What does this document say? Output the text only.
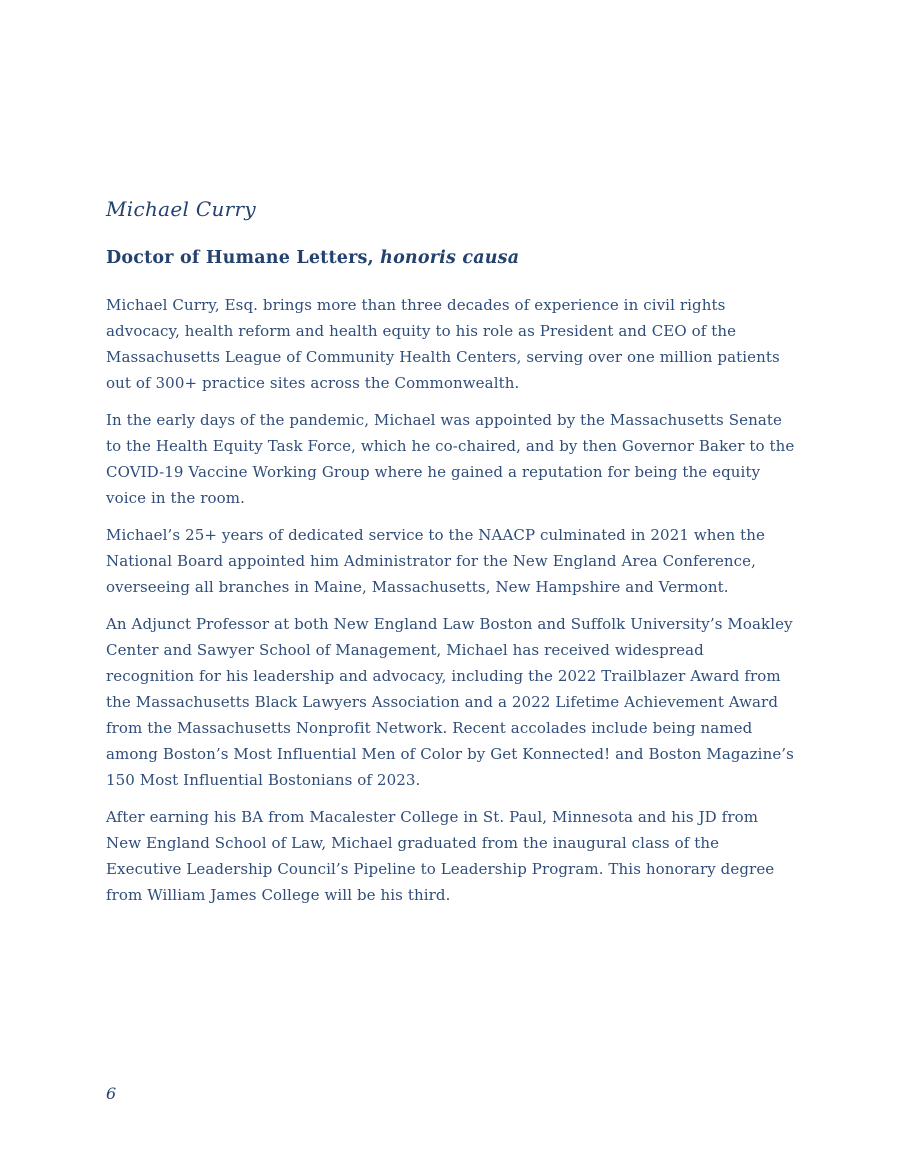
Michael Curry
Doctor of Humane Letters, honoris causa

Michael Curry, Esq. brings more than three decades of experience in civil rights advocacy, health reform and health equity to his role as President and CEO of the Massachusetts League of Community Health Centers, serving over one million patients out of 300+ practice sites across the Commonwealth.

In the early days of the pandemic, Michael was appointed by the Massachusetts Senate to the Health Equity Task Force, which he co-chaired, and by then Governor Baker to the COVID-19 Vaccine Working Group where he gained a reputation for being the equity voice in the room.

Michael’s 25+ years of dedicated service to the NAACP culminated in 2021 when the National Board appointed him Administrator for the New England Area Conference, overseeing all branches in Maine, Massachusetts, New Hampshire and Vermont.

An Adjunct Professor at both New England Law Boston and Suffolk University’s Moakley Center and Sawyer School of Management, Michael has received widespread recognition for his leadership and advocacy, including the 2022 Trailblazer Award from the Massachusetts Black Lawyers Association and a 2022 Lifetime Achievement Award from the Massachusetts Nonprofit Network. Recent accolades include being named among Boston’s Most Influential Men of Color by Get Konnected! and Boston Magazine’s 150 Most Influential Bostonians of 2023.

After earning his BA from Macalester College in St. Paul, Minnesota and his JD from New England School of Law, Michael graduated from the inaugural class of the Executive Leadership Council’s Pipeline to Leadership Program. This honorary degree from William James College will be his third.

6
